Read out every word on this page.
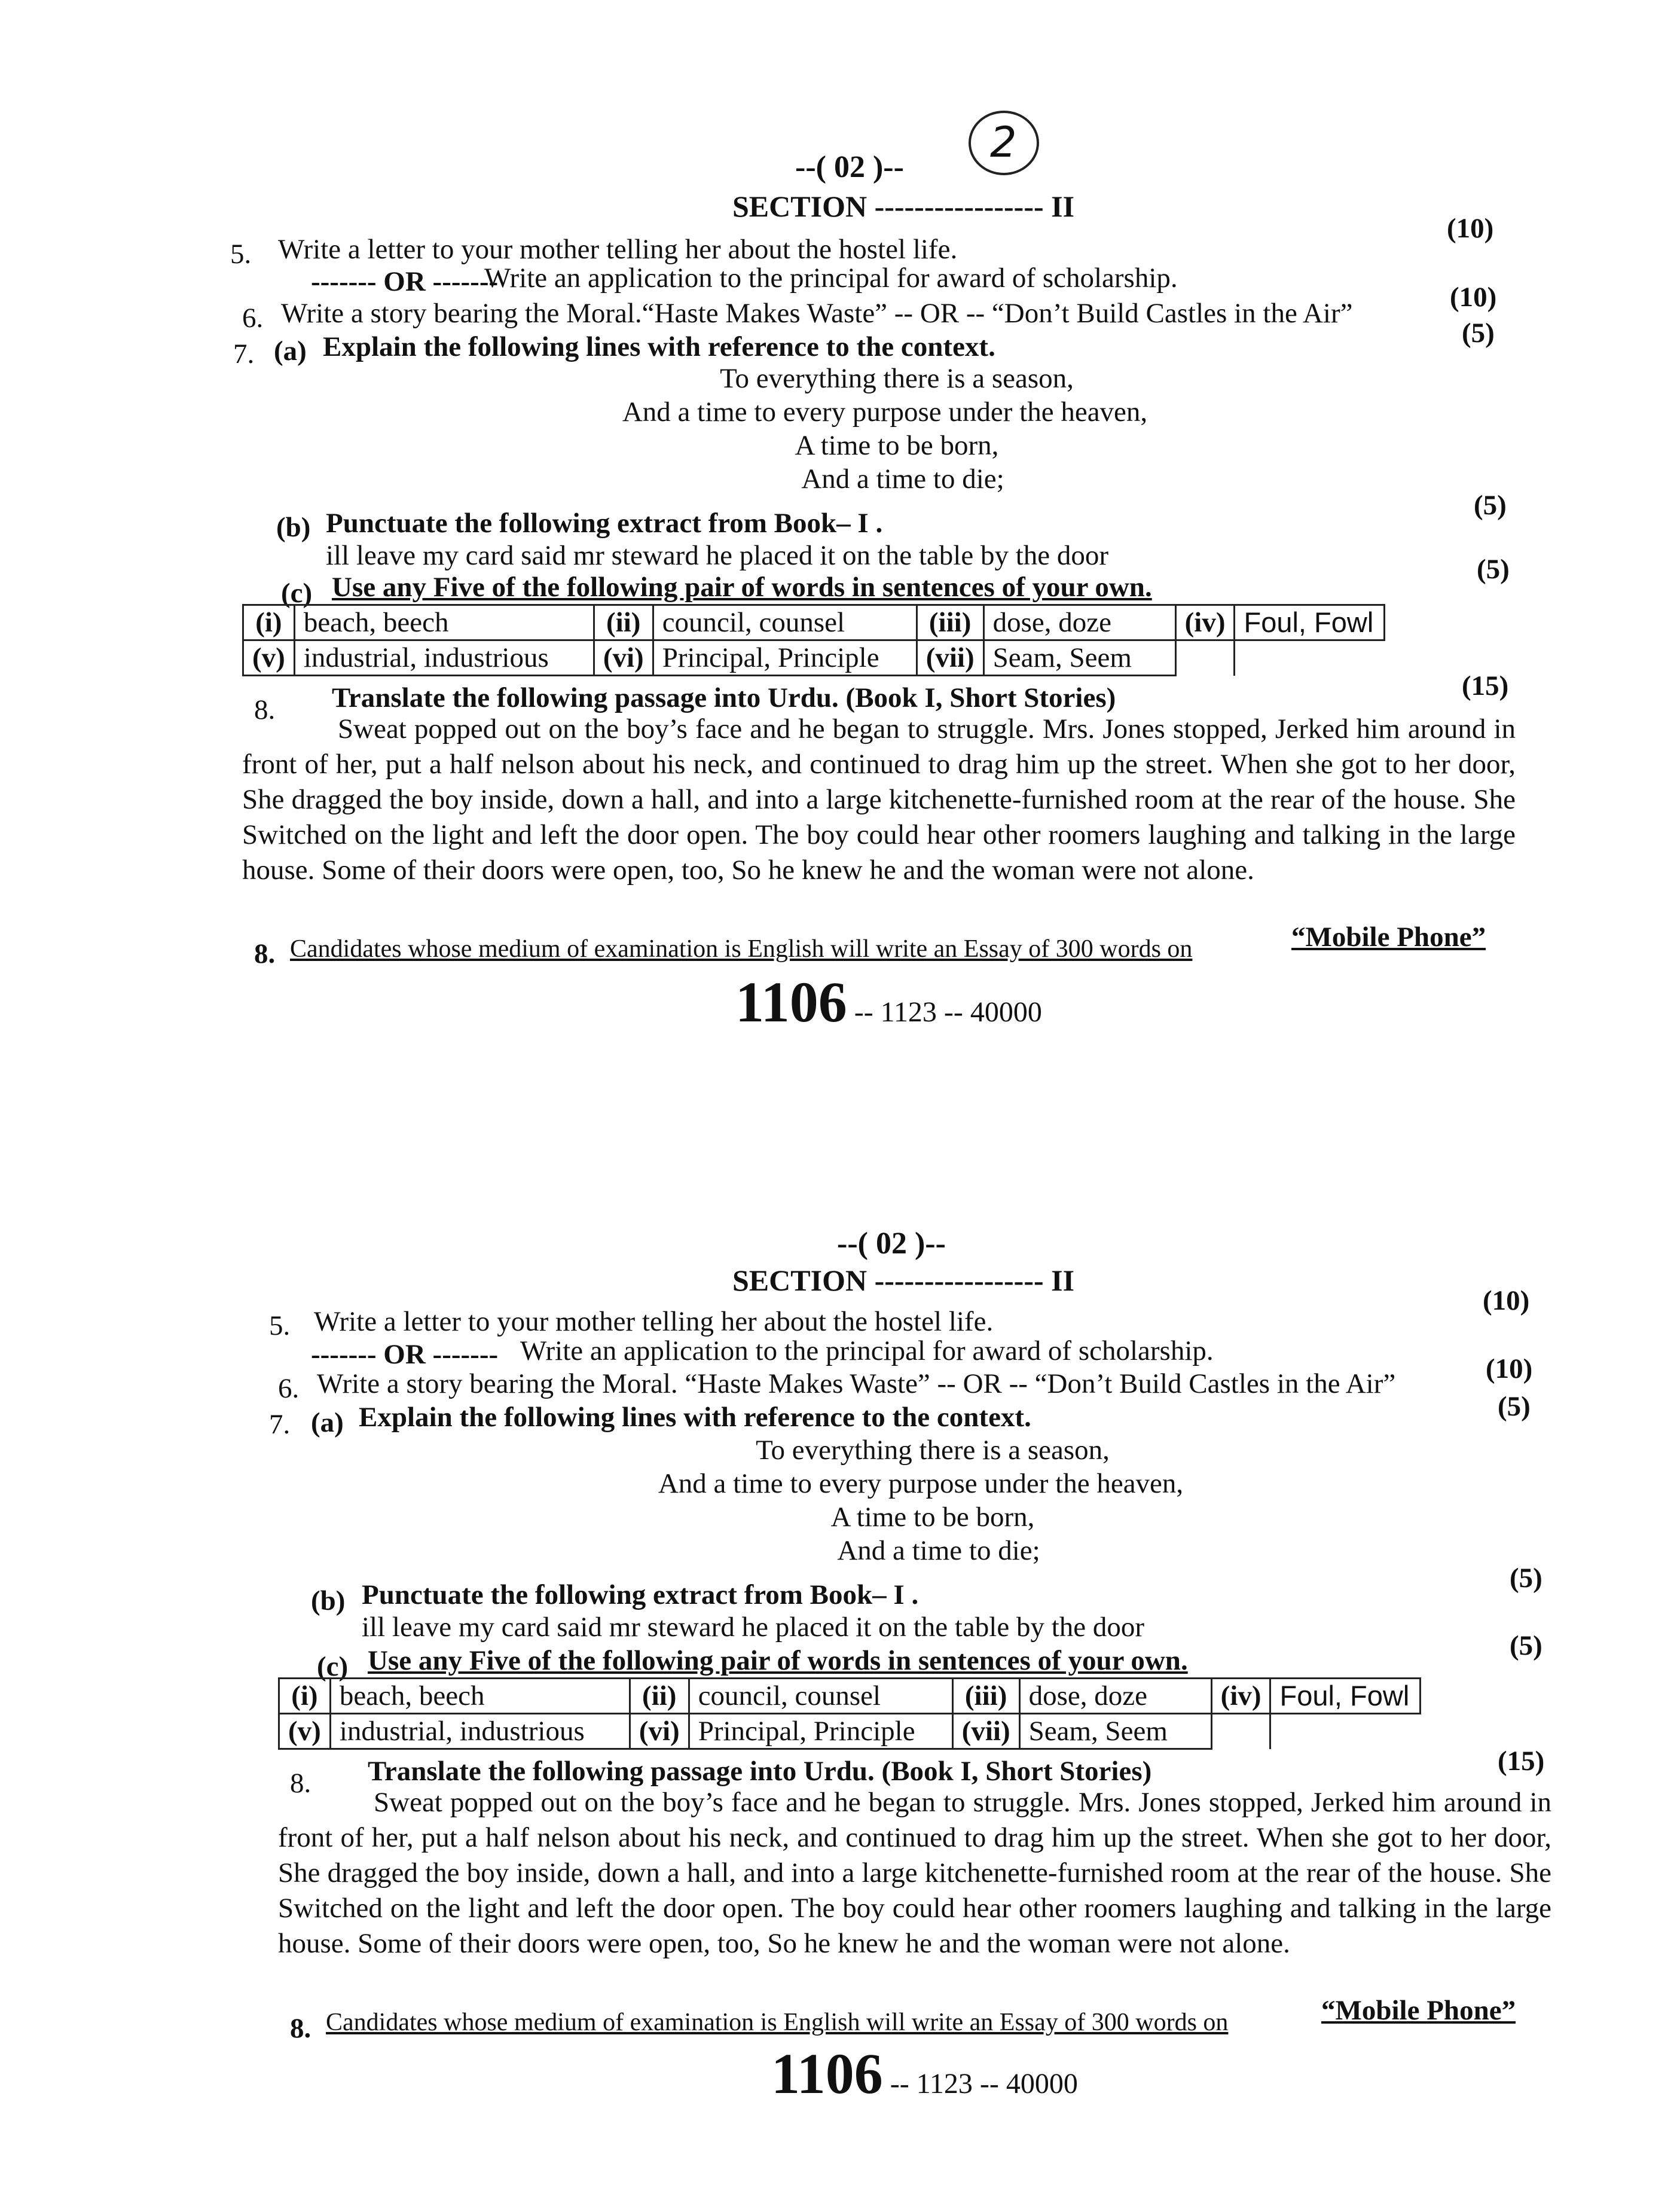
2
--( 02 )--
SECTION ----------------- II
5. Write a letter to your mother telling her about the hostel life.
(10)
------- OR -------
Write an application to the principal for award of scholarship.
6. Write a story bearing the Moral.“Haste Makes Waste” -- OR -- “Don’t Build Castles in the Air”
(10)
7. (a) Explain the following lines with reference to the context.	(5)
To everything there is a season,
And a time to every purpose under the heaven,
A time to be born,
And a time to die;
(b) Punctuate the following extract from Book– I .
(5)
ill leave my card said mr steward he placed it on the table by the door
(c) Use any Five of the following pair of words in sentences of your own.
(5)
(i)	beach, beech	(ii)	council, counsel	(iii)	dose, doze	(iv)	Foul, Fowl
(v)	industrial, industrious	(vi)	Principal, Principle	(vii)	Seam, Seem		
8. Translate the following passage into Urdu. (Book I, Short Stories)	(15)
Sweat popped out on the boy’s face and he began to struggle. Mrs. Jones stopped, Jerked him around in front of her, put a half nelson about his neck, and continued to drag him up the street. When she got to her door, She dragged the boy inside, down a hall, and into a large kitchenette-furnished room at the rear of the house. She Switched on the light and left the door open. The boy could hear other roomers laughing and talking in the large house. Some of their doors were open, too, So he knew he and the woman were not alone.
8. Candidates whose medium of examination is English will write an Essay of 300 words on	“Mobile Phone”
1106 -- 1123 -- 40000
--( 02 )--
SECTION ----------------- II
5. Write a letter to your mother telling her about the hostel life.
(10)
------- OR ------- Write an application to the principal for award of scholarship.
6. Write a story bearing the Moral. “Haste Makes Waste” -- OR -- “Don’t Build Castles in the Air”	(10)
7. (a) Explain the following lines with reference to the context.	(5)
To everything there is a season,
And a time to every purpose under the heaven,
A time to be born,
And a time to die;
(b) Punctuate the following extract from Book– I .
(5)
ill leave my card said mr steward he placed it on the table by the door
(c) Use any Five of the following pair of words in sentences of your own.	(5)
(i)	beach, beech	(ii)	council, counsel	(iii)	dose, doze	(iv)	Foul, Fowl
(v)	industrial, industrious	(vi)	Principal, Principle	(vii)	Seam, Seem		
8. Translate the following passage into Urdu. (Book I, Short Stories)	(15)
Sweat popped out on the boy’s face and he began to struggle. Mrs. Jones stopped, Jerked him around in front of her, put a half nelson about his neck, and continued to drag him up the street. When she got to her door, She dragged the boy inside, down a hall, and into a large kitchenette-furnished room at the rear of the house. She Switched on the light and left the door open. The boy could hear other roomers laughing and talking in the large house. Some of their doors were open, too, So he knew he and the woman were not alone.
8. Candidates whose medium of examination is English will write an Essay of 300 words on	“Mobile Phone”
1106 -- 1123 -- 40000
